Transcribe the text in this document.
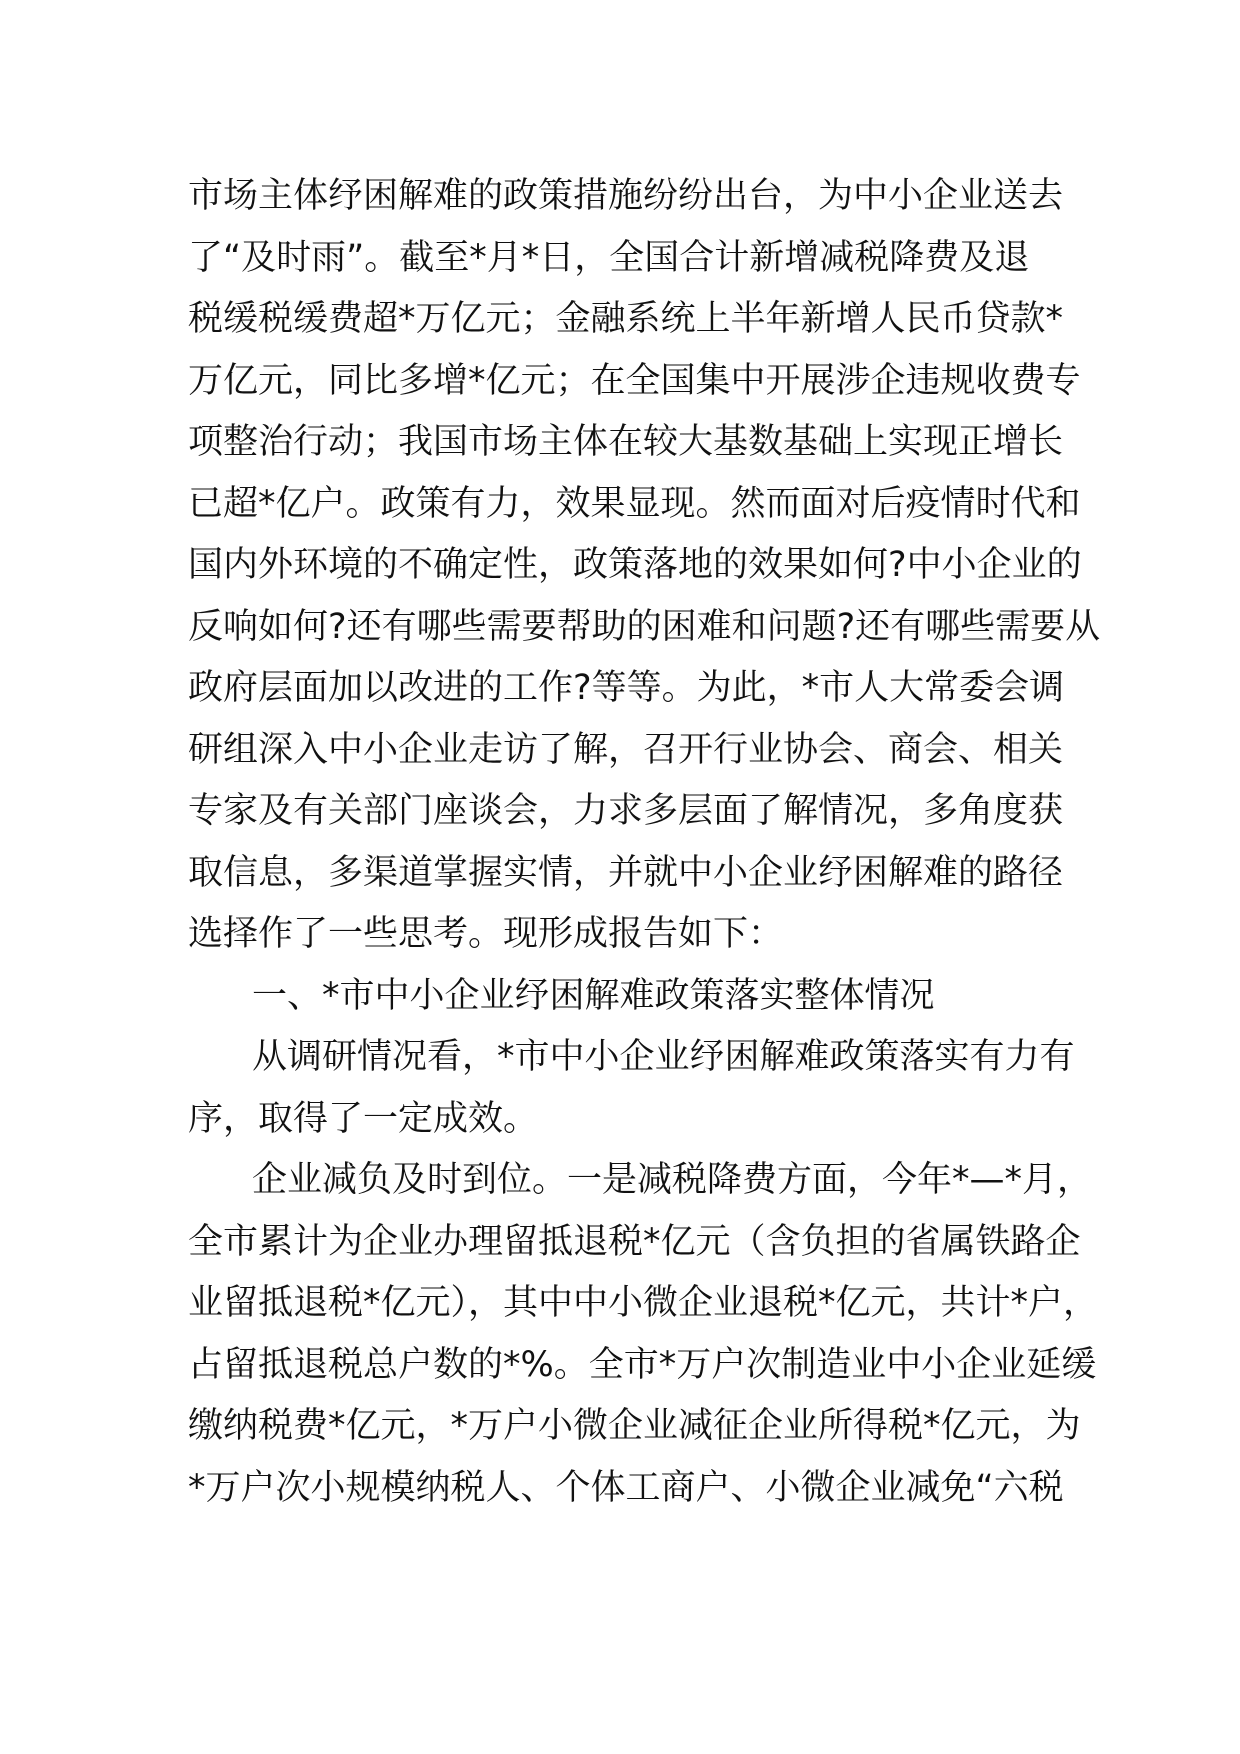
市场主体纾困解难的政策措施纷纷出台，为中小企业送去
了“及时雨”。截至*月*日，全国合计新增减税降费及退
税缓税缓费超*万亿元；金融系统上半年新增人民币贷款*
万亿元，同比多增*亿元；在全国集中开展涉企违规收费专
项整治行动；我国市场主体在较大基数基础上实现正增长
已超*亿户。政策有力，效果显现。然而面对后疫情时代和
国内外环境的不确定性，政策落地的效果如何?中小企业的
反响如何?还有哪些需要帮助的困难和问题?还有哪些需要从
政府层面加以改进的工作?等等。为此，*市人大常委会调
研组深入中小企业走访了解，召开行业协会、商会、相关
专家及有关部门座谈会，力求多层面了解情况，多角度获
取信息，多渠道掌握实情，并就中小企业纾困解难的路径
选择作了一些思考。现形成报告如下：
一、*市中小企业纾困解难政策落实整体情况
从调研情况看，*市中小企业纾困解难政策落实有力有
序，取得了一定成效。
企业减负及时到位。一是减税降费方面，今年*—*月，
全市累计为企业办理留抵退税*亿元（含负担的省属铁路企
业留抵退税*亿元），其中中小微企业退税*亿元，共计*户，
占留抵退税总户数的*%。全市*万户次制造业中小企业延缓
缴纳税费*亿元，*万户小微企业减征企业所得税*亿元，为
*万户次小规模纳税人、个体工商户、小微企业减免“六税
